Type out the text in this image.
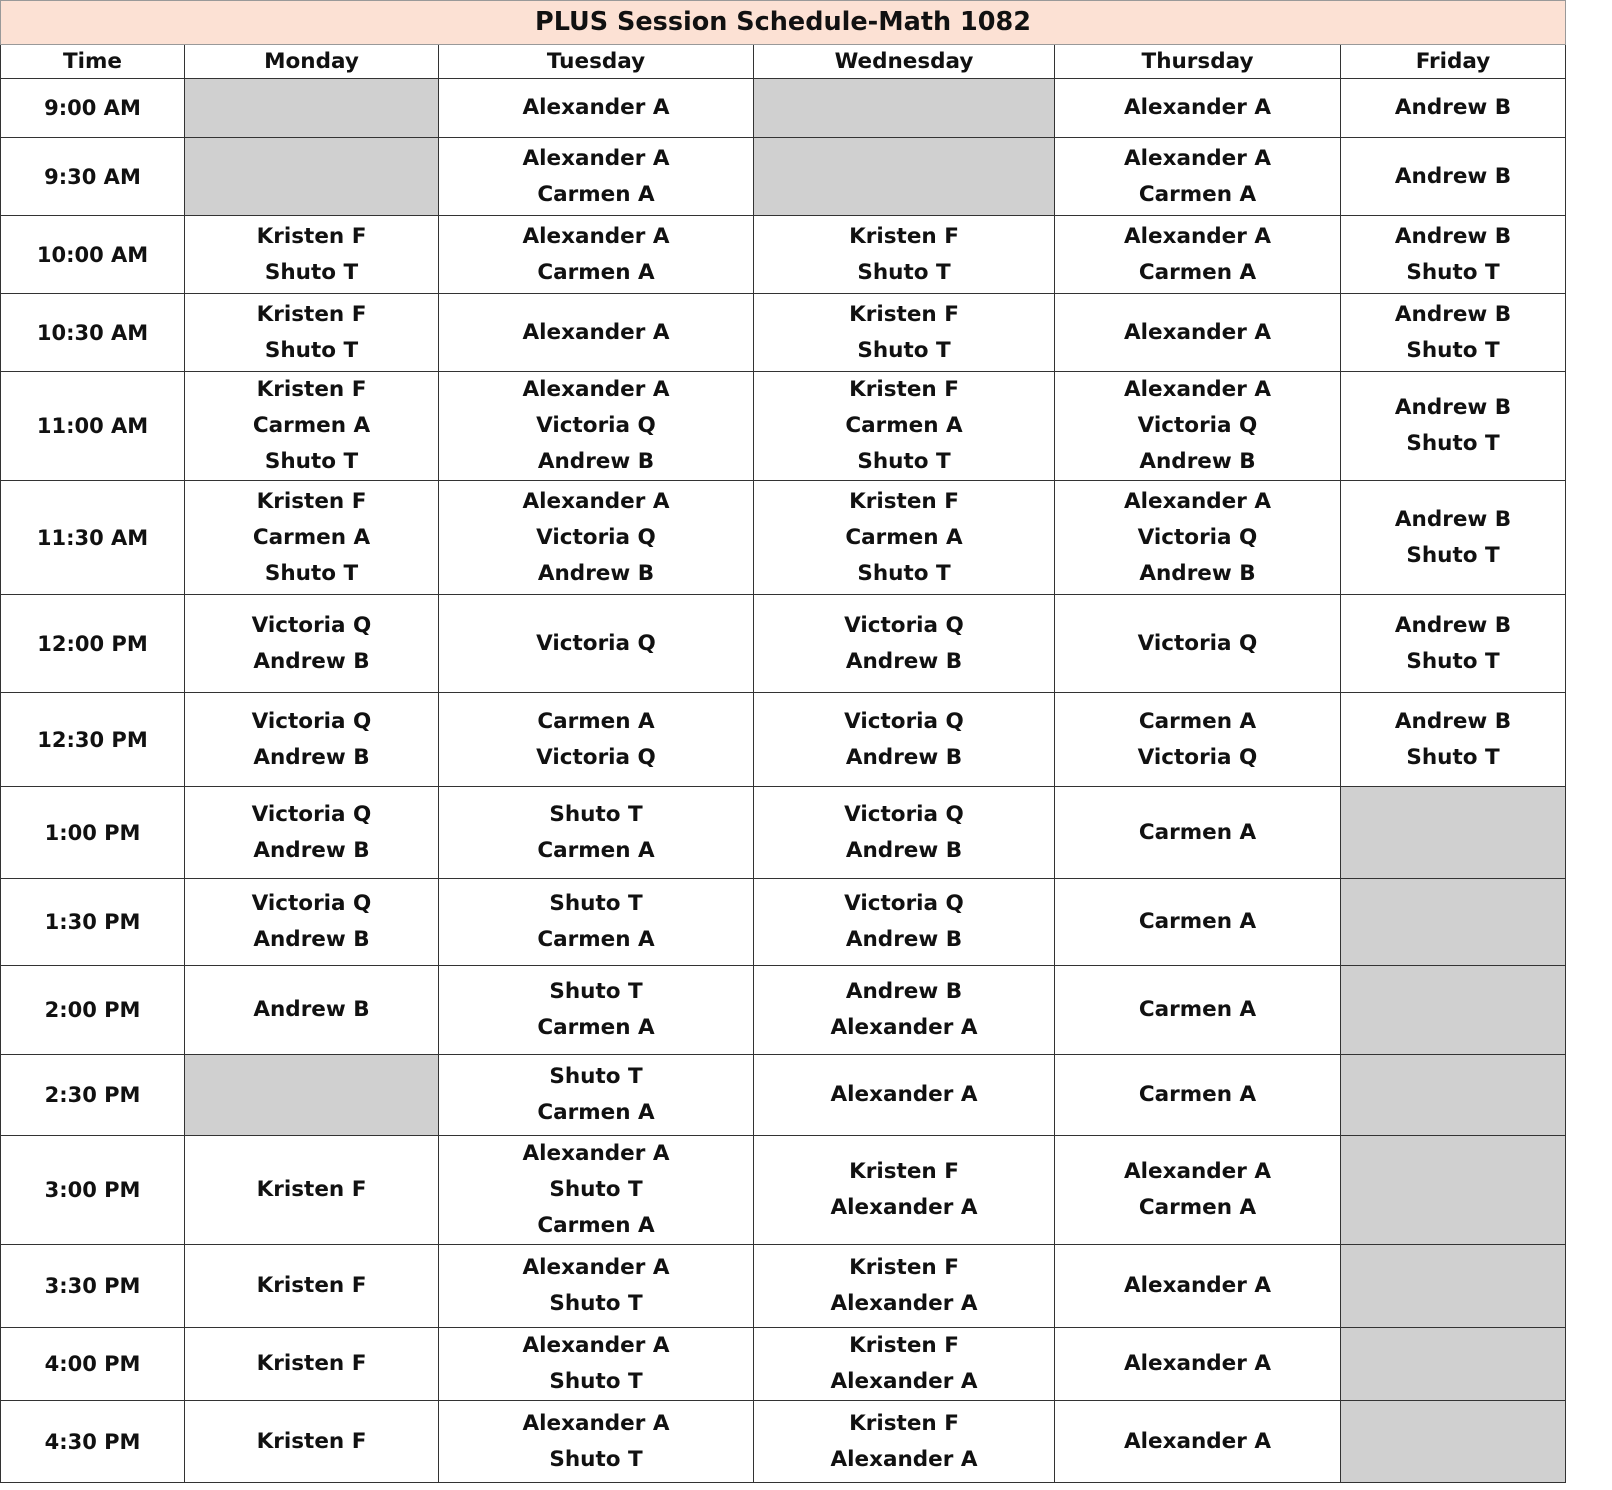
PLUS Session Schedule-Math 1082					
Time	Monday	Tuesday	Wednesday	Thursday	Friday
9:00 AM		Alexander A		Alexander A	Andrew B

9:30 AM		Alexander A
Carmen A		Alexander A
Carmen A	Andrew B

10:00 AM	Kristen F
Shuto T	Alexander A
Carmen A	Kristen F
Shuto T	Alexander A
Carmen A	Andrew B
Shuto T

10:30 AM	Kristen F
Shuto T	Alexander A	Kristen F
Shuto T	Alexander A	Andrew B
Shuto T

11:00 AM	Kristen F
Carmen A
Shuto T	Alexander A
Victoria Q
Andrew B	Kristen F
Carmen A
Shuto T	Alexander A
Victoria Q
Andrew B	Andrew B
Shuto T

11:30 AM	Kristen F
Carmen A
Shuto T	Alexander A
Victoria Q
Andrew B	Kristen F
Carmen A
Shuto T	Alexander A
Victoria Q
Andrew B	Andrew B
Shuto T

12:00 PM	Victoria Q
Andrew B	Victoria Q	Victoria Q
Andrew B	Victoria Q	Andrew B
Shuto T

12:30 PM	Victoria Q
Andrew B	Carmen A
Victoria Q	Victoria Q
Andrew B	Carmen A
Victoria Q	Andrew B
Shuto T

1:00 PM	Victoria Q
Andrew B	Shuto T
Carmen A	Victoria Q
Andrew B	Carmen A	

1:30 PM	Victoria Q
Andrew B	Shuto T
Carmen A	Victoria Q
Andrew B	Carmen A	

2:00 PM	Andrew B	Shuto T
Carmen A	Andrew B
Alexander A	Carmen A	

2:30 PM		Shuto T
Carmen A	Alexander A	Carmen A	

3:00 PM	Kristen F	Alexander A
Shuto T
Carmen A	Kristen F
Alexander A	Alexander A
Carmen A	

3:30 PM	Kristen F	Alexander A
Shuto T	Kristen F
Alexander A	Alexander A	

4:00 PM	Kristen F	Alexander A
Shuto T	Kristen F
Alexander A	Alexander A	

4:30 PM	Kristen F	Alexander A
Shuto T	Kristen F
Alexander A	Alexander A	
